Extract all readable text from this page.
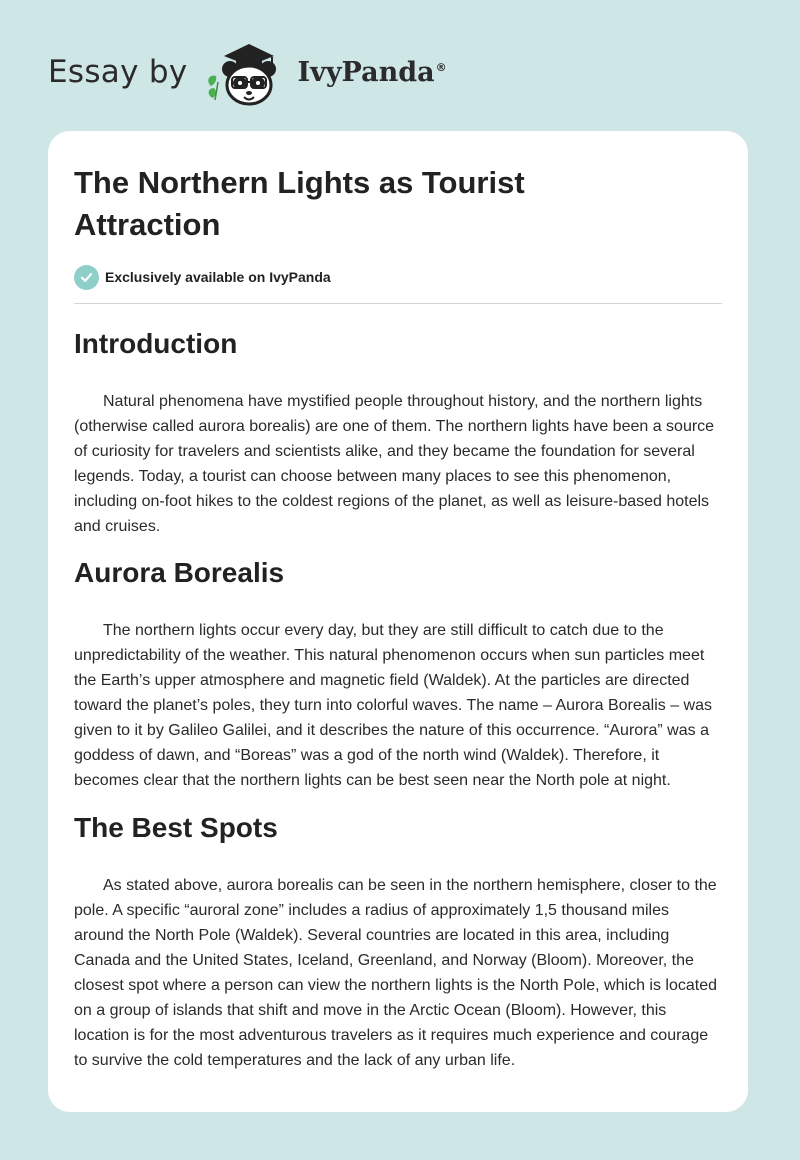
Essay by	IvyPanda®
The Northern Lights as Tourist Attraction
Exclusively available on IvyPanda
Introduction

Natural phenomena have mystified people throughout history, and the northern lights (otherwise called aurora borealis) are one of them. The northern lights have been a source of curiosity for travelers and scientists alike, and they became the foundation for several legends. Today, a tourist can choose between many places to see this phenomenon, including on-foot hikes to the coldest regions of the planet, as well as leisure-based hotels and cruises.

Aurora Borealis

The northern lights occur every day, but they are still difficult to catch due to the unpredictability of the weather. This natural phenomenon occurs when sun particles meet the Earth’s upper atmosphere and magnetic field (Waldek). At the particles are directed toward the planet’s poles, they turn into colorful waves. The name – Aurora Borealis – was given to it by Galileo Galilei, and it describes the nature of this occurrence. “Aurora” was a goddess of dawn, and “Boreas” was a god of the north wind (Waldek). Therefore, it becomes clear that the northern lights can be best seen near the North pole at night.

The Best Spots

As stated above, aurora borealis can be seen in the northern hemisphere, closer to the pole. A specific “auroral zone” includes a radius of approximately 1,5 thousand miles around the North Pole (Waldek). Several countries are located in this area, including Canada and the United States, Iceland, Greenland, and Norway (Bloom). Moreover, the closest spot where a person can view the northern lights is the North Pole, which is located on a group of islands that shift and move in the Arctic Ocean (Bloom). However, this location is for the most adventurous travelers as it requires much experience and courage to survive the cold temperatures and the lack of any urban life.
